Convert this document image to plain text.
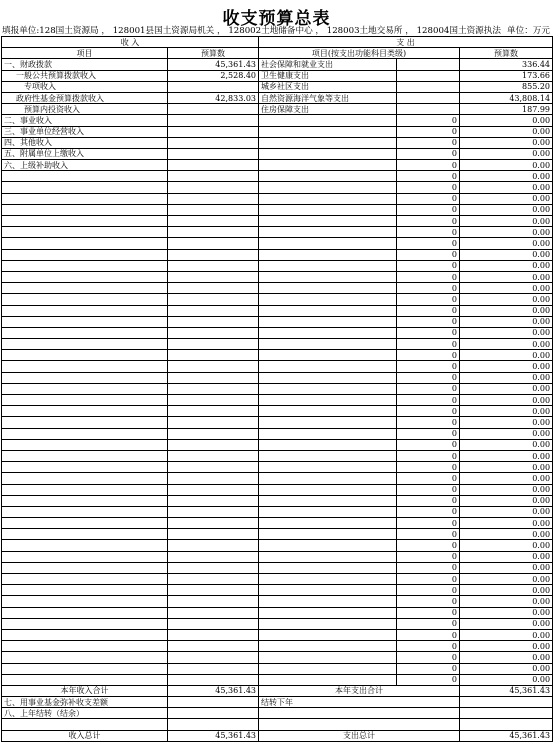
收支预算总表
填报单位:128国土资源局 ， 128001县国土资源局机关 ， 128002土地储备中心 ， 128003土地交易所 ， 128004国土资源执法 单位：万元
收 入		支 出		
项目	预算数	项目(按支出功能科目类级)		预算数
一、财政拨款	45,361.43	社会保障和就业支出		336.44
一般公共预算拨款收入	2,528.40	卫生健康支出		173.66
专项收入		城乡社区支出		855.20
政府性基金预算拨款收入	42,833.03	自然资源海洋气象等支出		43,808.14
预算内投资收入		住房保障支出		187.99
二、事业收入			0	0.00
三、事业单位经营收入			0	0.00
四、其他收入			0	0.00
五、附属单位上缴收入			0	0.00
六、上级补助收入			0	0.00
			0	0.00
			0	0.00
			0	0.00
			0	0.00
			0	0.00
			0	0.00
			0	0.00
			0	0.00
			0	0.00
			0	0.00
			0	0.00
			0	0.00
			0	0.00
			0	0.00
			0	0.00
			0	0.00
			0	0.00
			0	0.00
			0	0.00
			0	0.00
			0	0.00
			0	0.00
			0	0.00
			0	0.00
			0	0.00
			0	0.00
			0	0.00
			0	0.00
			0	0.00
			0	0.00
			0	0.00
			0	0.00
			0	0.00
			0	0.00
			0	0.00
			0	0.00
			0	0.00
			0	0.00
			0	0.00
			0	0.00
			0	0.00
			0	0.00
			0	0.00
			0	0.00
			0	0.00
			0	0.00
本年收入合计	45,361.43	本年支出合计		45,361.43
七、用事业基金弥补收支差额		结转下年		
八、上年结转（结余）				

收入总计	45,361.43	支出总计		45,361.43
